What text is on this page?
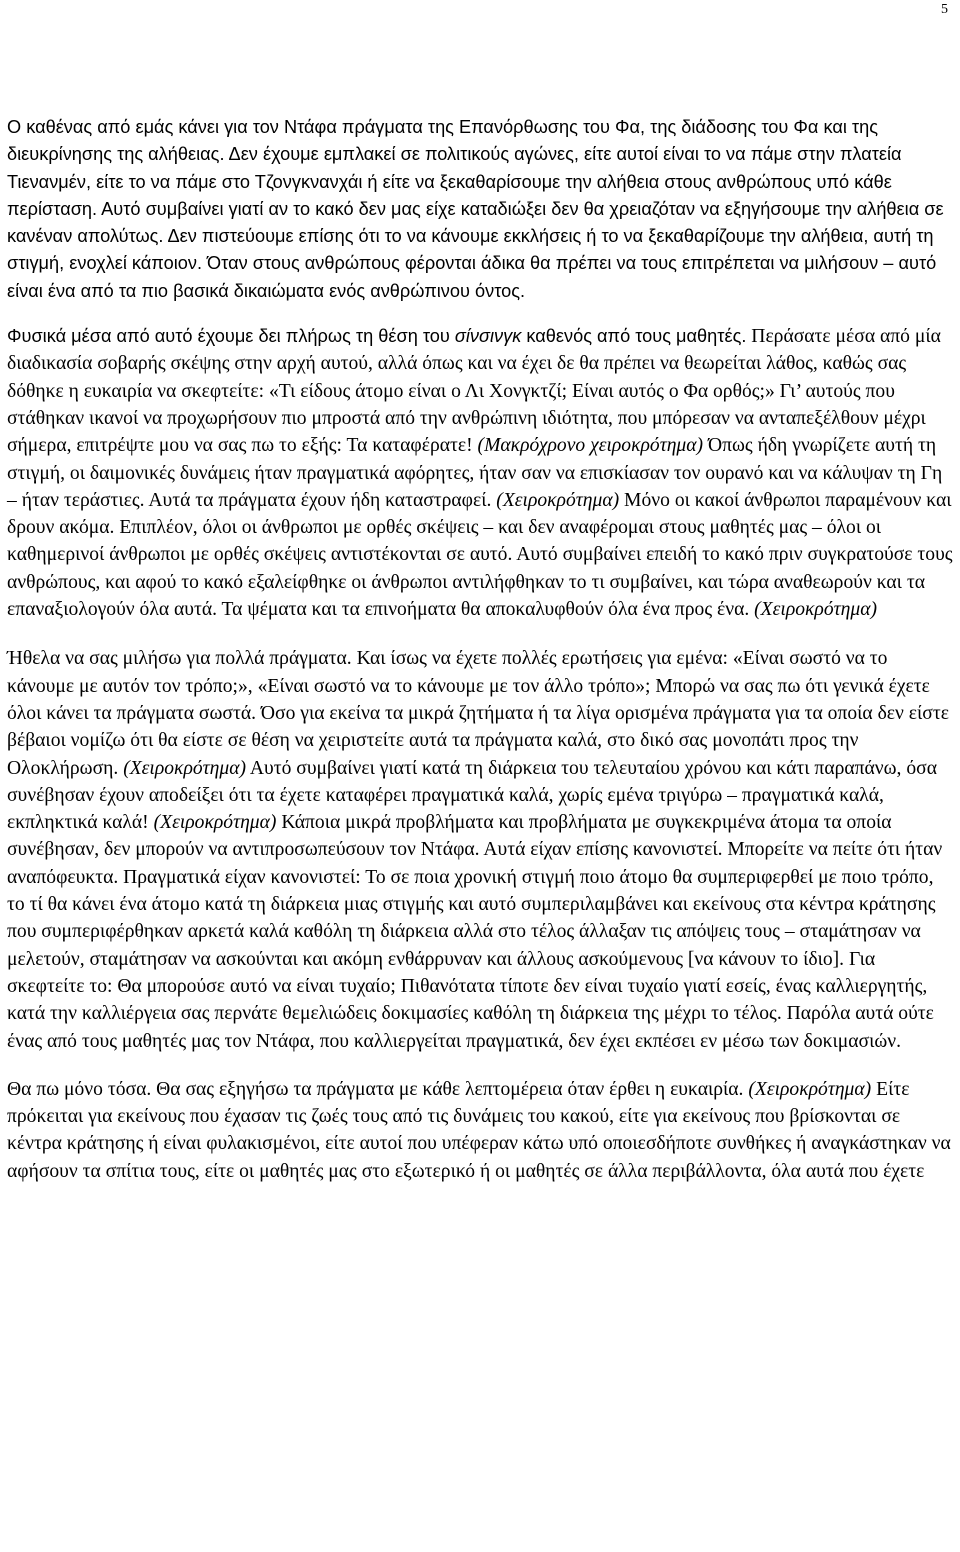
5

Ο καθένας από εμάς κάνει για τον Ντάφα πράγματα της Επανόρθωσης του Φα, της διάδοσης του Φα και της διευκρίνησης της αλήθειας. Δεν έχουμε εμπλακεί σε πολιτικούς αγώνες, είτε αυτοί είναι το να πάμε στην πλατεία Τιενανμέν, είτε το να πάμε στο Τζονγκνανχάι ή είτε να ξεκαθαρίσουμε την αλήθεια στους ανθρώπους υπό κάθε περίσταση. Αυτό συμβαίνει γιατί αν το κακό δεν μας είχε καταδιώξει δεν θα χρειαζόταν να εξηγήσουμε την αλήθεια σε κανέναν απολύτως. Δεν πιστεύουμε επίσης ότι το να κάνουμε εκκλήσεις ή το να ξεκαθαρίζουμε την αλήθεια, αυτή τη στιγμή, ενοχλεί κάποιον. Όταν στους ανθρώπους φέρονται άδικα θα πρέπει να τους επιτρέπεται να μιλήσουν – αυτό είναι ένα από τα πιο βασικά δικαιώματα ενός ανθρώπινου όντος.

Φυσικά μέσα από αυτό έχουμε δει πλήρως τη θέση του σίνσινγκ καθενός από τους μαθητές. Περάσατε μέσα από μία διαδικασία σοβαρής σκέψης στην αρχή αυτού, αλλά όπως και να έχει δε θα πρέπει να θεωρείται λάθος, καθώς σας δόθηκε η ευκαιρία να σκεφτείτε: «Τι είδους άτομο είναι ο Λι Χονγκτζί; Είναι αυτός ο Φα ορθός;» Γι’ αυτούς που στάθηκαν ικανοί να προχωρήσουν πιο μπροστά από την ανθρώπινη ιδιότητα, που μπόρεσαν να ανταπεξέλθουν μέχρι σήμερα, επιτρέψτε μου να σας πω το εξής: Τα καταφέρατε! (Μακρόχρονο χειροκρότημα) Όπως ήδη γνωρίζετε αυτή τη στιγμή, οι δαιμονικές δυνάμεις ήταν πραγματικά αφόρητες, ήταν σαν να επισκίασαν τον ουρανό και να κάλυψαν τη Γη – ήταν τεράστιες. Αυτά τα πράγματα έχουν ήδη καταστραφεί. (Χειροκρότημα) Μόνο οι κακοί άνθρωποι παραμένουν και δρουν ακόμα. Επιπλέον, όλοι οι άνθρωποι με ορθές σκέψεις – και δεν αναφέρομαι στους μαθητές μας – όλοι οι καθημερινοί άνθρωποι με ορθές σκέψεις αντιστέκονται σε αυτό. Αυτό συμβαίνει επειδή το κακό πριν συγκρατούσε τους ανθρώπους, και αφού το κακό εξαλείφθηκε οι άνθρωποι αντιλήφθηκαν το τι συμβαίνει, και τώρα αναθεωρούν και τα επαναξιολογούν όλα αυτά. Τα ψέματα και τα επινοήματα θα αποκαλυφθούν όλα ένα προς ένα. (Χειροκρότημα)

Ήθελα να σας μιλήσω για πολλά πράγματα. Και ίσως να έχετε πολλές ερωτήσεις για εμένα: «Είναι σωστό να το κάνουμε με αυτόν τον τρόπο;», «Είναι σωστό να το κάνουμε με τον άλλο τρόπο»; Μπορώ να σας πω ότι γενικά έχετε όλοι κάνει τα πράγματα σωστά. Όσο για εκείνα τα μικρά ζητήματα ή τα λίγα ορισμένα πράγματα για τα οποία δεν είστε βέβαιοι νομίζω ότι θα είστε σε θέση να χειριστείτε αυτά τα πράγματα καλά, στο δικό σας μονοπάτι προς την Ολοκλήρωση. (Χειροκρότημα) Αυτό συμβαίνει γιατί κατά τη διάρκεια του τελευταίου χρόνου και κάτι παραπάνω, όσα συνέβησαν έχουν αποδείξει ότι τα έχετε καταφέρει πραγματικά καλά, χωρίς εμένα τριγύρω – πραγματικά καλά, εκπληκτικά καλά! (Χειροκρότημα) Κάποια μικρά προβλήματα και προβλήματα με συγκεκριμένα άτομα τα οποία συνέβησαν, δεν μπορούν να αντιπροσωπεύσουν τον Ντάφα. Αυτά είχαν επίσης κανονιστεί. Μπορείτε να πείτε ότι ήταν αναπόφευκτα. Πραγματικά είχαν κανονιστεί: Το σε ποια χρονική στιγμή ποιο άτομο θα συμπεριφερθεί με ποιο τρόπο, το τί θα κάνει ένα άτομο κατά τη διάρκεια μιας στιγμής και αυτό συμπεριλαμβάνει και εκείνους στα κέντρα κράτησης που συμπεριφέρθηκαν αρκετά καλά καθόλη τη διάρκεια αλλά στο τέλος άλλαξαν τις απόψεις τους – σταμάτησαν να μελετούν, σταμάτησαν να ασκούνται και ακόμη ενθάρρυναν και άλλους ασκούμενους [να κάνουν το ίδιο]. Για σκεφτείτε το: Θα μπορούσε αυτό να είναι τυχαίο; Πιθανότατα τίποτε δεν είναι τυχαίο γιατί εσείς, ένας καλλιεργητής, κατά την καλλιέργεια σας περνάτε θεμελιώδεις δοκιμασίες καθόλη τη διάρκεια της μέχρι το τέλος. Παρόλα αυτά ούτε ένας από τους μαθητές μας τον Ντάφα, που καλλιεργείται πραγματικά, δεν έχει εκπέσει εν μέσω των δοκιμασιών.

Θα πω μόνο τόσα. Θα σας εξηγήσω τα πράγματα με κάθε λεπτομέρεια όταν έρθει η ευκαιρία. (Χειροκρότημα) Είτε πρόκειται για εκείνους που έχασαν τις ζωές τους από τις δυνάμεις του κακού, είτε για εκείνους που βρίσκονται σε κέντρα κράτησης ή είναι φυλακισμένοι, είτε αυτοί που υπέφεραν κάτω υπό οποιεσδήποτε συνθήκες ή αναγκάστηκαν να αφήσουν τα σπίτια τους, είτε οι μαθητές μας στο εξωτερικό ή οι μαθητές σε άλλα περιβάλλοντα, όλα αυτά που έχετε
